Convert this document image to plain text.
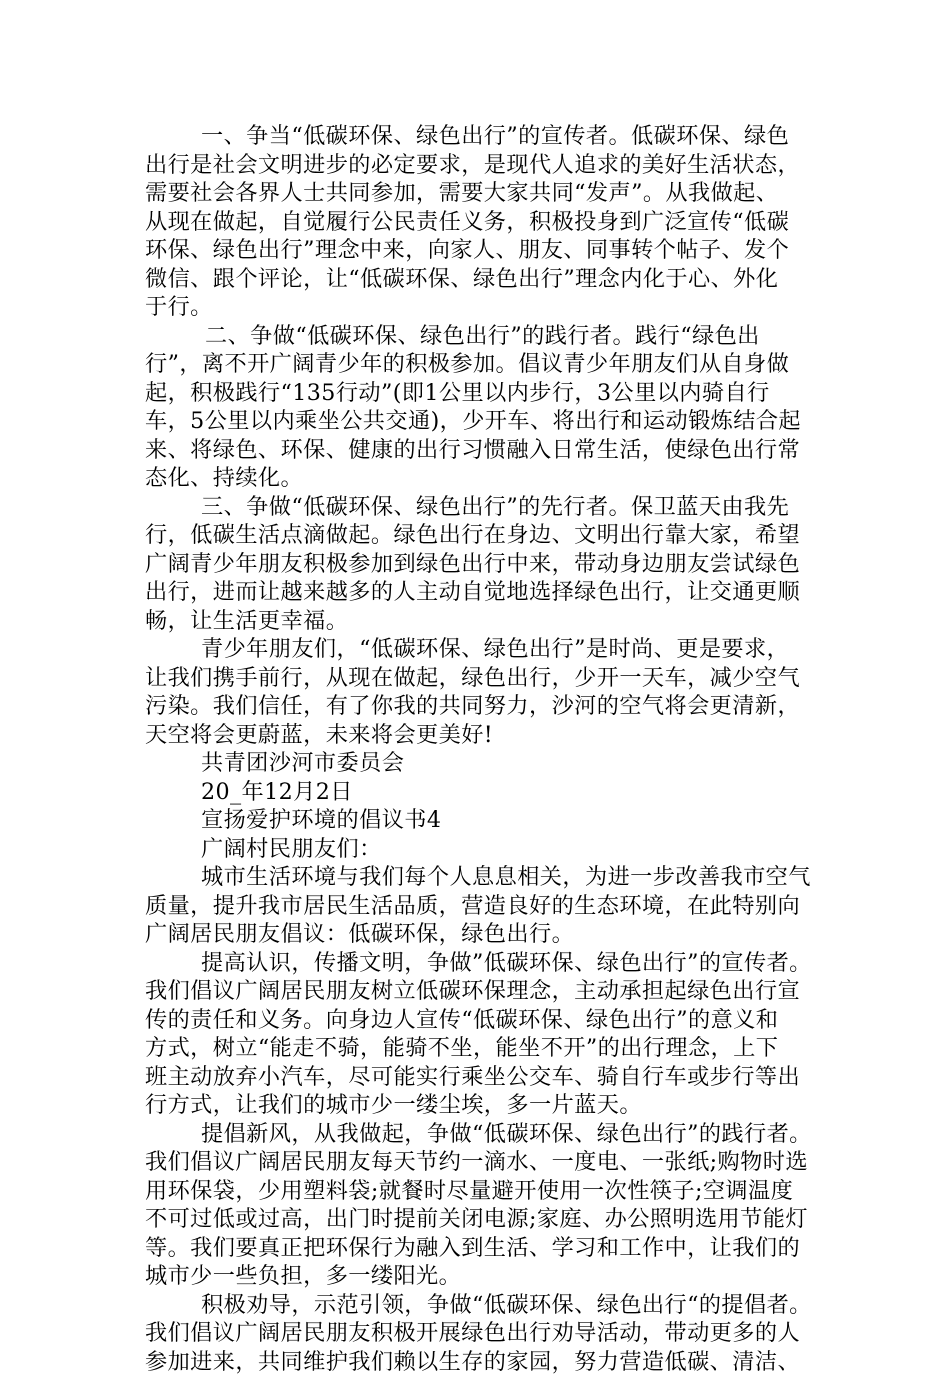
一、争当“低碳环保、绿色出行”的宣传者。低碳环保、绿色
出行是社会文明进步的必定要求，是现代人追求的美好生活状态，
需要社会各界人士共同参加，需要大家共同“发声”。从我做起、
从现在做起，自觉履行公民责任义务，积极投身到广泛宣传“低碳
环保、绿色出行”理念中来，向家人、朋友、同事转个帖子、发个
微信、跟个评论，让“低碳环保、绿色出行”理念内化于心、外化
于行。
二、争做“低碳环保、绿色出行”的践行者。践行“绿色出
行”，离不开广阔青少年的积极参加。倡议青少年朋友们从自身做
起，积极践行“135行动”(即1公里以内步行，3公里以内骑自行
车，5公里以内乘坐公共交通)，少开车、将出行和运动锻炼结合起
来、将绿色、环保、健康的出行习惯融入日常生活，使绿色出行常
态化、持续化。
三、争做“低碳环保、绿色出行”的先行者。保卫蓝天由我先
行，低碳生活点滴做起。绿色出行在身边、文明出行靠大家，希望
广阔青少年朋友积极参加到绿色出行中来，带动身边朋友尝试绿色
出行，进而让越来越多的人主动自觉地选择绿色出行，让交通更顺
畅，让生活更幸福。
青少年朋友们，“低碳环保、绿色出行”是时尚、更是要求，
让我们携手前行，从现在做起，绿色出行，少开一天车，减少空气
污染。我们信任，有了你我的共同努力，沙河的空气将会更清新，
天空将会更蔚蓝，未来将会更美好!
共青团沙河市委员会
20_年12月2日
宣扬爱护环境的倡议书4
广阔村民朋友们：
城市生活环境与我们每个人息息相关，为进一步改善我市空气
质量，提升我市居民生活品质，营造良好的生态环境，在此特别向
广阔居民朋友倡议：低碳环保，绿色出行。
提高认识，传播文明，争做”低碳环保、绿色出行”的宣传者。
我们倡议广阔居民朋友树立低碳环保理念，主动承担起绿色出行宣
传的责任和义务。向身边人宣传“低碳环保、绿色出行”的意义和
方式，树立“能走不骑，能骑不坐，能坐不开”的出行理念，上下
班主动放弃小汽车，尽可能实行乘坐公交车、骑自行车或步行等出
行方式，让我们的城市少一缕尘埃，多一片蓝天。
提倡新风，从我做起，争做“低碳环保、绿色出行”的践行者。
我们倡议广阔居民朋友每天节约一滴水、一度电、一张纸;购物时选
用环保袋，少用塑料袋;就餐时尽量避开使用一次性筷子;空调温度
不可过低或过高，出门时提前关闭电源;家庭、办公照明选用节能灯
等。我们要真正把环保行为融入到生活、学习和工作中，让我们的
城市少一些负担，多一缕阳光。
积极劝导，示范引领，争做“低碳环保、绿色出行“的提倡者。
我们倡议广阔居民朋友积极开展绿色出行劝导活动，带动更多的人
参加进来，共同维护我们赖以生存的家园，努力营造低碳、清洁、
